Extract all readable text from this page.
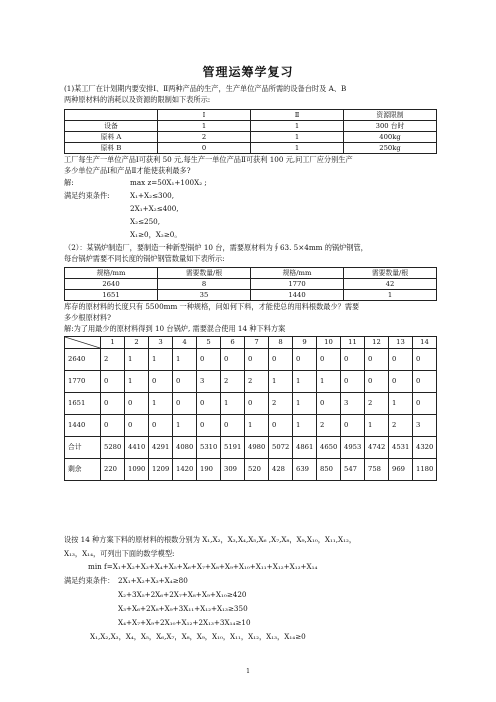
管理运筹学复习
(1)某工厂在计划期内要安排Ⅰ、Ⅱ两种产品的生产，生产单位产品所需的设备台时及 A、B
两种原材料的消耗以及资源的限制如下表所示:
	Ⅰ	Ⅱ	资源限制
设备	1	1	300 台时
原料 A	2	1	400kg
原料 B	0	1	250kg
工厂每生产一单位产品Ⅰ可获利 50 元,每生产一单位产品Ⅱ可获利 100 元,问工厂应分别生产
多少单位产品Ⅰ和产品Ⅱ才能使获利最多?
解:	max z=50X₁+100X₂ ;
满足约束条件:	X₁+X₂≤300,
2X₁+X₂≤400,
X₂≤250,
X₁≥0，X₂≥0。
（2）：某锅炉制造厂，要制造一种新型锅炉 10 台，需要原材料为∮63. 5×4mm 的锅炉钢管，
每台锅炉需要不同长度的锅炉钢管数量如下表所示:
规格/mm	需要数量/根	规格/mm	需要数量/根
2640	8	1770	42
1651	35	1440	1
库存的原材料的长度只有 5500mm 一种规格，问如何下料，才能使总的用料根数最少？需要
多少根原材料?
解:为了用最少的原材料得到 10 台锅炉, 需要混合使用 14 种下料方案
	1	2	3	4	5	6	7	8	9	10	11	12	13	14
2640	2	1	1	1	0	0	0	0	0	0	0	0	0	0
1770	0	1	0	0	3	2	2	1	1	1	0	0	0	0
1651	0	0	1	0	0	1	0	2	1	0	3	2	1	0
1440	0	0	0	1	0	0	1	0	1	2	0	1	2	3
合计	5280	4410	4291	4080	5310	5191	4980	5072	4861	4650	4953	4742	4531	4320
剩余	220	1090	1209	1420	190	309	520	428	639	850	547	758	969	1180
设按 14 种方案下料的原材料的根数分别为 X₁,X₂，X₃,X₄,X₅,X₆ ,X₇,X₈，X₉,X₁₀，X₁₁,X₁₂，
X₁₃，X₁₄，可列出下面的数学模型:
min f=X₁+X₂+X₃+X₄+X₅+X₆+X₇+X₈+X₉+X₁₀+X₁₁+X₁₂+X₁₃+X₁₄
满足约束条件： 2X₁+X₂+X₃+X₄≥80
X₂+3X₅+2X₆+2X₇+X₈+X₉+X₁₀≥420
X₃+X₆+2X₈+X₉+3X₁₁+X₁₂+X₁₃≥350
X₄+X₇+X₉+2X₁₀+X₁₂+2X₁₃+3X₁₄≥10
X₁,X₂,X₃，X₄，X₅，X₆,X₇，X₈，X₉，X₁₀，X₁₁，X₁₂，X₁₃，X₁₄≥0
1
